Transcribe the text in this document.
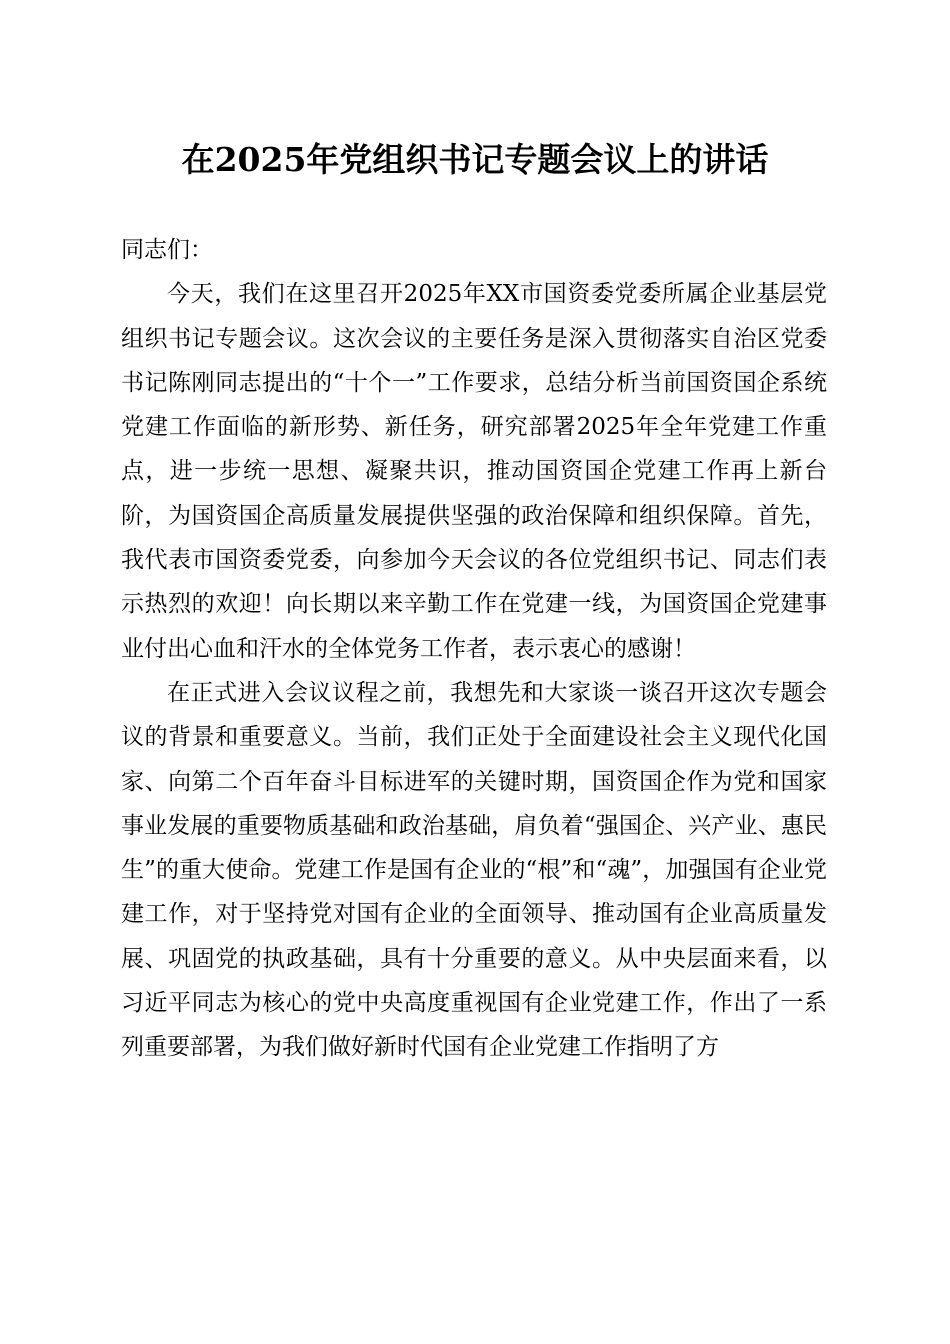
在2025年党组织书记专题会议上的讲话

同志们：

今天，我们在这里召开2025年XX市国资委党委所属企业基层党组织书记专题会议。这次会议的主要任务是深入贯彻落实自治区党委书记陈刚同志提出的“十个一”工作要求，总结分析当前国资国企系统党建工作面临的新形势、新任务，研究部署2025年全年党建工作重点，进一步统一思想、凝聚共识，推动国资国企党建工作再上新台阶，为国资国企高质量发展提供坚强的政治保障和组织保障。首先，我代表市国资委党委，向参加今天会议的各位党组织书记、同志们表示热烈的欢迎！向长期以来辛勤工作在党建一线，为国资国企党建事业付出心血和汗水的全体党务工作者，表示衷心的感谢！

在正式进入会议议程之前，我想先和大家谈一谈召开这次专题会议的背景和重要意义。当前，我们正处于全面建设社会主义现代化国家、向第二个百年奋斗目标进军的关键时期，国资国企作为党和国家事业发展的重要物质基础和政治基础，肩负着“强国企、兴产业、惠民生”的重大使命。党建工作是国有企业的“根”和“魂”，加强国有企业党建工作，对于坚持党对国有企业的全面领导、推动国有企业高质量发展、巩固党的执政基础，具有十分重要的意义。从中央层面来看，以习近平同志为核心的党中央高度重视国有企业党建工作，作出了一系列重要部署，为我们做好新时代国有企业党建工作指明了方
